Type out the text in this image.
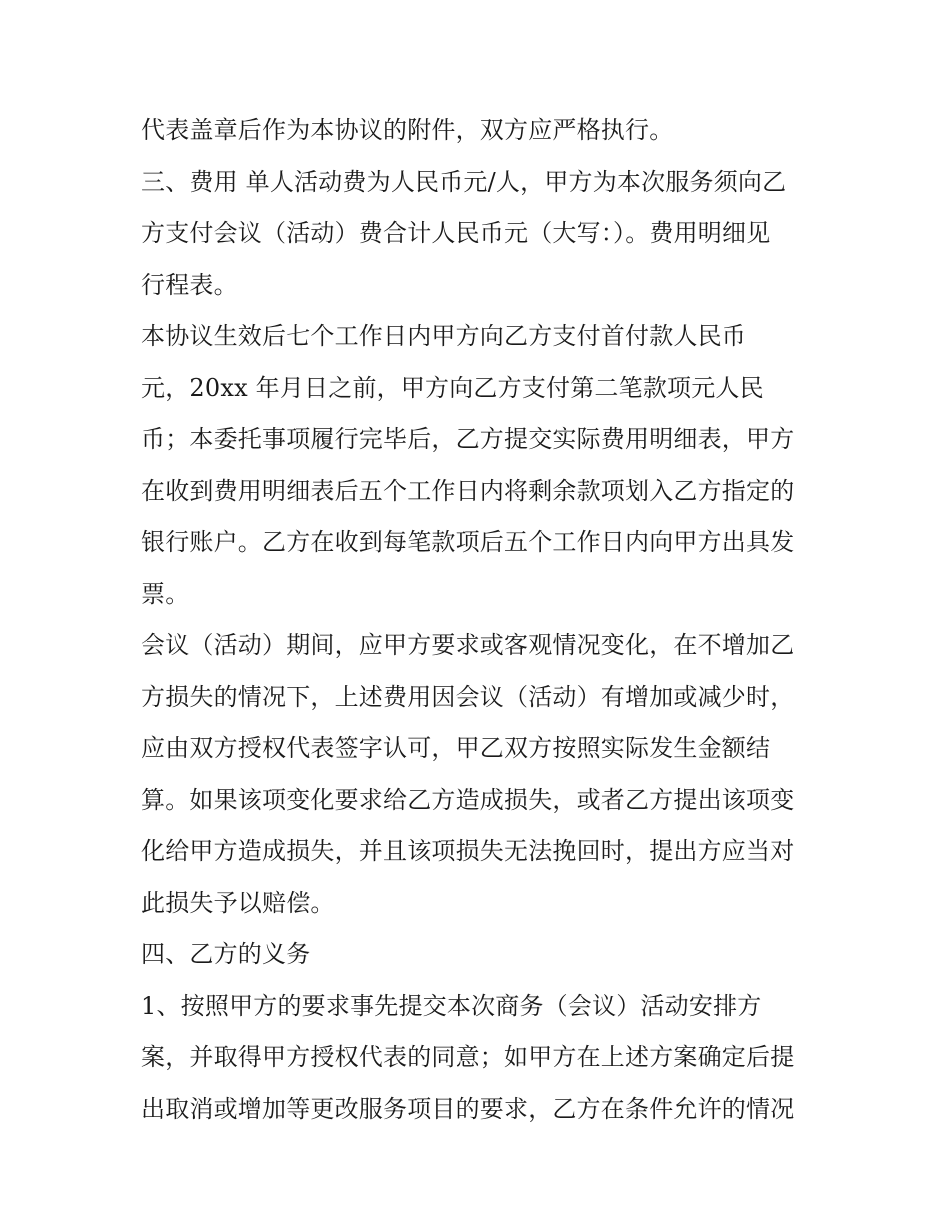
代表盖章后作为本协议的附件，双方应严格执行。
三、费用 单人活动费为人民币元/人，甲方为本次服务须向乙
方支付会议（活动）费合计人民币元（大写：）。费用明细见
行程表。
本协议生效后七个工作日内甲方向乙方支付首付款人民币
元，20xx 年月日之前，甲方向乙方支付第二笔款项元人民
币；本委托事项履行完毕后，乙方提交实际费用明细表，甲方
在收到费用明细表后五个工作日内将剩余款项划入乙方指定的
银行账户。乙方在收到每笔款项后五个工作日内向甲方出具发
票。
会议（活动）期间，应甲方要求或客观情况变化，在不增加乙
方损失的情况下，上述费用因会议（活动）有增加或减少时，
应由双方授权代表签字认可，甲乙双方按照实际发生金额结
算。如果该项变化要求给乙方造成损失，或者乙方提出该项变
化给甲方造成损失，并且该项损失无法挽回时，提出方应当对
此损失予以赔偿。
四、乙方的义务
1、按照甲方的要求事先提交本次商务（会议）活动安排方
案，并取得甲方授权代表的同意；如甲方在上述方案确定后提
出取消或增加等更改服务项目的要求，乙方在条件允许的情况
